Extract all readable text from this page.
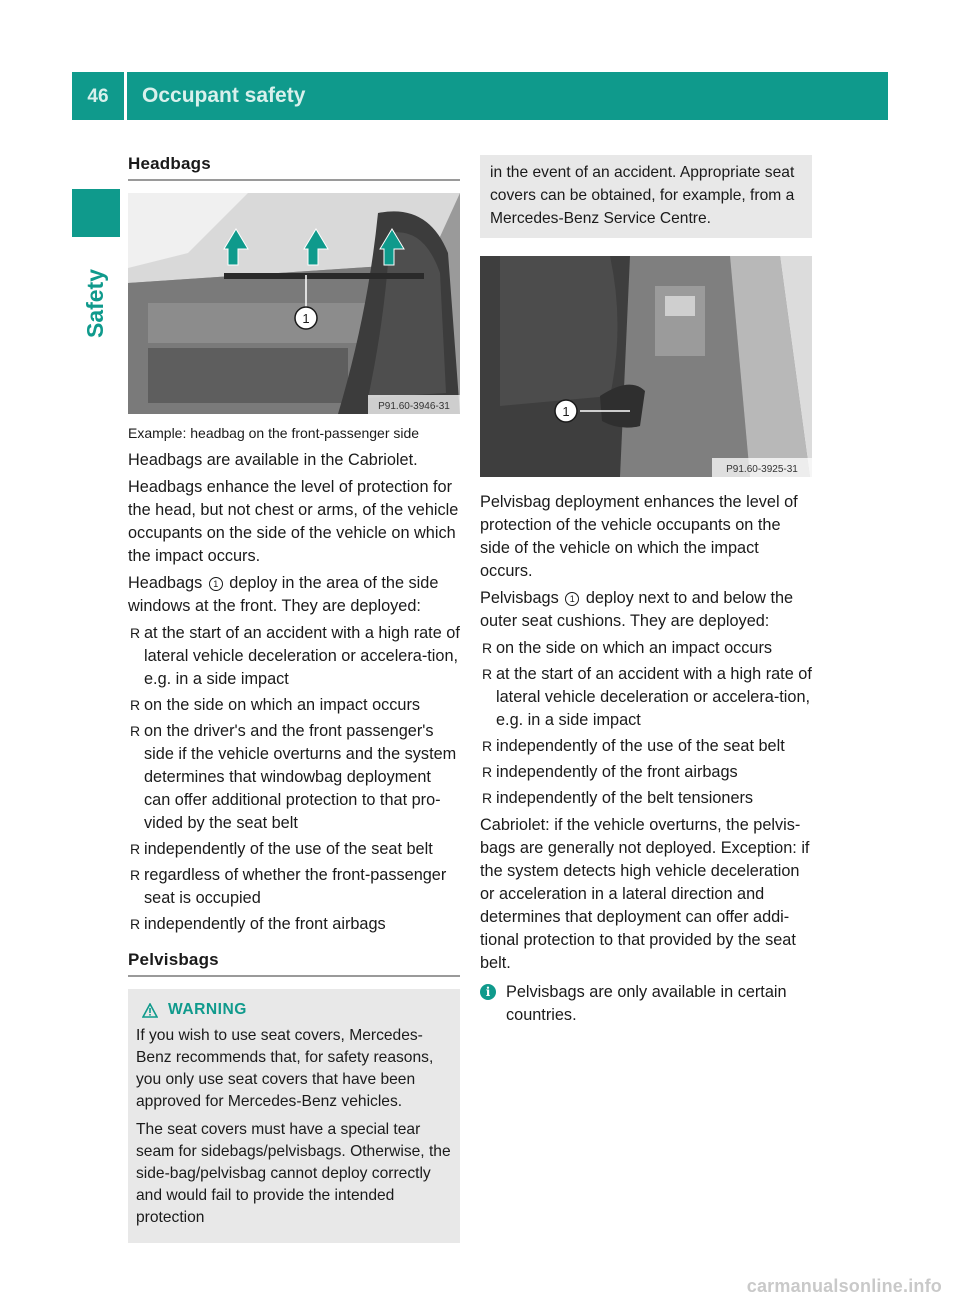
46	Occupant safety
Safety
Headbags
1
P91.60-3946-31

Example: headbag on the front-passenger side

Headbags are available in the Cabriolet.

Headbags enhance the level of protection for the head, but not chest or arms, of the vehicle occupants on the side of the vehicle on which the impact occurs.

Headbags 1 deploy in the area of the side windows at the front. They are deployed:

R at the start of an accident with a high rate of lateral vehicle deceleration or accelera-tion, e.g. in a side impact
R on the side on which an impact occurs
R on the driver's and the front passenger's side if the vehicle overturns and the system determines that windowbag deployment can offer additional protection to that pro-vided by the seat belt
R independently of the use of the seat belt
R regardless of whether the front-passenger seat is occupied
R independently of the front airbags
Pelvisbags
WARNING

If you wish to use seat covers, Mercedes-Benz recommends that, for safety reasons, you only use seat covers that have been approved for Mercedes-Benz vehicles.

The seat covers must have a special tear seam for sidebags/pelvisbags. Otherwise, the side-bag/pelvisbag cannot deploy correctly and would fail to provide the intended protection

in the event of an accident. Appropriate seat covers can be obtained, for example, from a Mercedes-Benz Service Centre.
1
P91.60-3925-31

Pelvisbag deployment enhances the level of protection of the vehicle occupants on the side of the vehicle on which the impact occurs.

Pelvisbags 1 deploy next to and below the outer seat cushions. They are deployed:

R on the side on which an impact occurs
R at the start of an accident with a high rate of lateral vehicle deceleration or accelera-tion, e.g. in a side impact
R independently of the use of the seat belt
R independently of the front airbags
R independently of the belt tensioners

Cabriolet: if the vehicle overturns, the pelvis-bags are generally not deployed. Exception: if the system detects high vehicle deceleration or acceleration in a lateral direction and determines that deployment can offer addi-tional protection to that provided by the seat belt.

i Pelvisbags are only available in certain countries.
carmanualsonline.info
